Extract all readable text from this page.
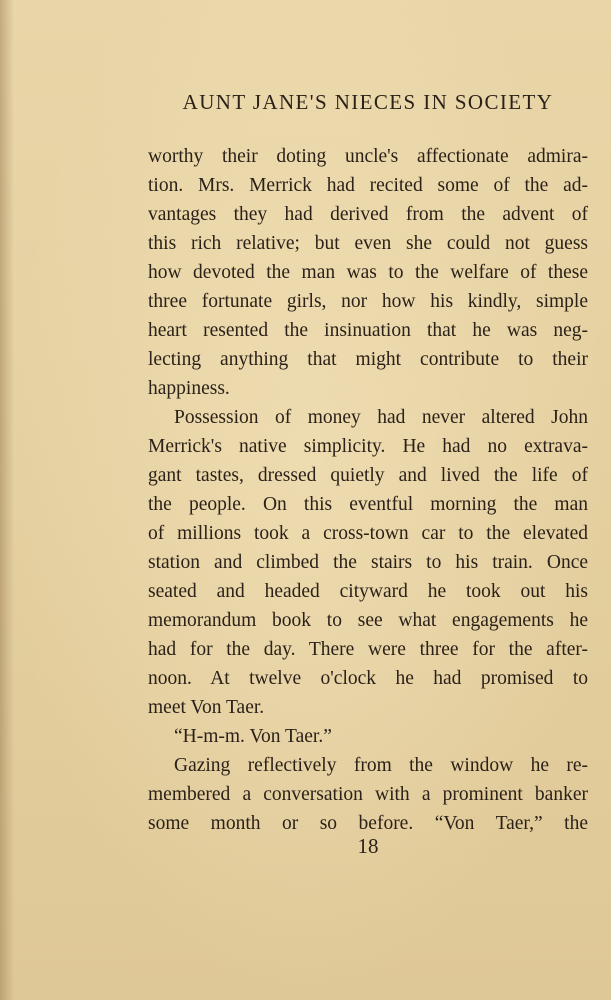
AUNT JANE'S NIECES IN SOCIETY
worthy their doting uncle's affectionate admira-
tion. Mrs. Merrick had recited some of the ad-
vantages they had derived from the advent of
this rich relative; but even she could not guess
how devoted the man was to the welfare of these
three fortunate girls, nor how his kindly, simple
heart resented the insinuation that he was neg-
lecting anything that might contribute to their
happiness.
Possession of money had never altered John
Merrick's native simplicity. He had no extrava-
gant tastes, dressed quietly and lived the life of
the people. On this eventful morning the man
of millions took a cross-town car to the elevated
station and climbed the stairs to his train. Once
seated and headed cityward he took out his
memorandum book to see what engagements he
had for the day. There were three for the after-
noon. At twelve o'clock he had promised to
meet Von Taer.
“H-m-m. Von Taer.”
Gazing reflectively from the window he re-
membered a conversation with a prominent banker
some month or so before. “Von Taer,” the
18
